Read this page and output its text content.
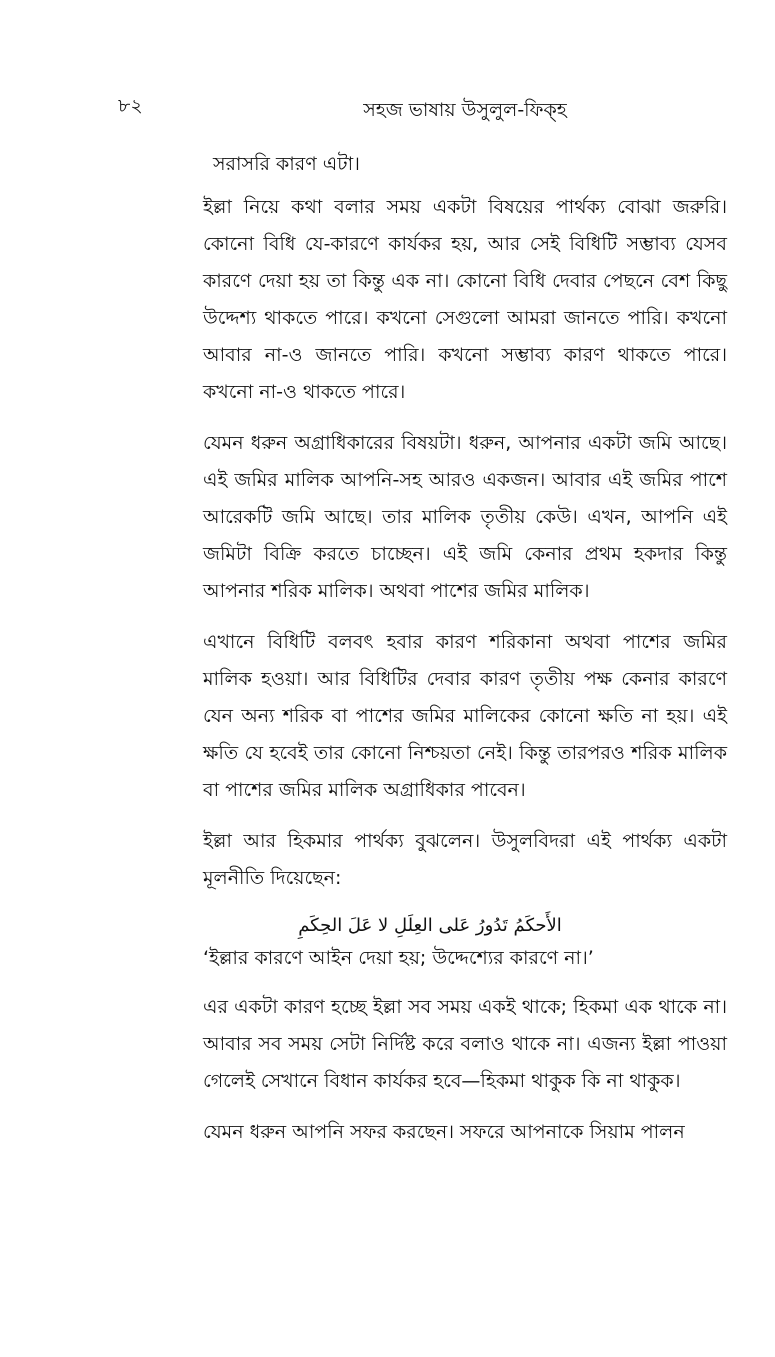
৮২	সহজ ভাষায় উসুলুল-ফিক্‌হ

সরাসরি কারণ এটা।

ইল্লা নিয়ে কথা বলার সময় একটা বিষয়ের পার্থক্য বোঝা জরুরি। কোনো বিধি যে-কারণে কার্যকর হয়, আর সেই বিধিটি সম্ভাব্য যেসব কারণে দেয়া হয় তা কিন্তু এক না। কোনো বিধি দেবার পেছনে বেশ কিছু উদ্দেশ্য থাকতে পারে। কখনো সেগুলো আমরা জানতে পারি। কখনো আবার না-ও জানতে পারি। কখনো সম্ভাব্য কারণ থাকতে পারে। কখনো না-ও থাকতে পারে।

যেমন ধরুন অগ্রাধিকারের বিষয়টা। ধরুন, আপনার একটা জমি আছে। এই জমির মালিক আপনি-সহ আরও একজন। আবার এই জমির পাশে আরেকটি জমি আছে। তার মালিক তৃতীয় কেউ। এখন, আপনি এই জমিটা বিক্রি করতে চাচ্ছেন। এই জমি কেনার প্রথম হকদার কিন্তু আপনার শরিক মালিক। অথবা পাশের জমির মালিক।

এখানে বিধিটি বলবৎ হবার কারণ শরিকানা অথবা পাশের জমির মালিক হওয়া। আর বিধিটির দেবার কারণ তৃতীয় পক্ষ কেনার কারণে যেন অন্য শরিক বা পাশের জমির মালিকের কোনো ক্ষতি না হয়। এই ক্ষতি যে হবেই তার কোনো নিশ্চয়তা নেই। কিন্তু তারপরও শরিক মালিক বা পাশের জমির মালিক অগ্রাধিকার পাবেন।

ইল্লা আর হিকমার পার্থক্য বুঝলেন। উসুলবিদরা এই পার্থক্য একটা মূলনীতি দিয়েছেন:

الأَحكَمُ تَدُورُ عَلى العِلَلِ لا عَلَ الحِكَمِ

‘ইল্লার কারণে আইন দেয়া হয়; উদ্দেশ্যের কারণে না।’

এর একটা কারণ হচ্ছে ইল্লা সব সময় একই থাকে; হিকমা এক থাকে না। আবার সব সময় সেটা নির্দিষ্ট করে বলাও থাকে না। এজন্য ইল্লা পাওয়া গেলেই সেখানে বিধান কার্যকর হবে—হিকমা থাকুক কি না থাকুক।

যেমন ধরুন আপনি সফর করছেন। সফরে আপনাকে সিয়াম পালন
